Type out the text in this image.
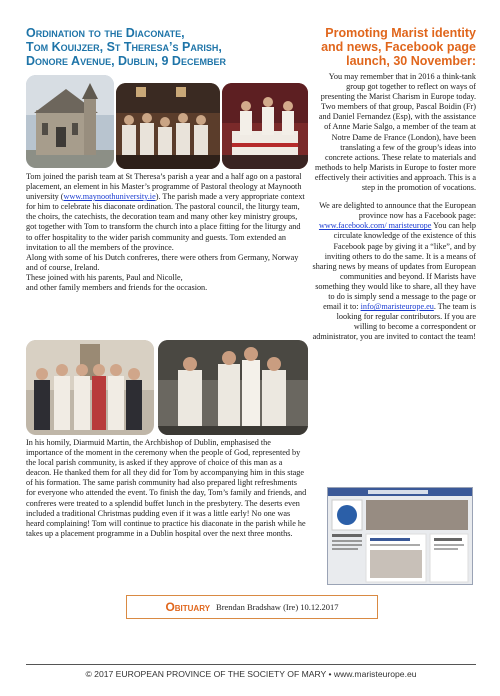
Ordination to the Diaconate,
Tom Kouijzer, St Theresa’s Parish,
Donore Avenue, Dublin, 9 December

Tom joined the parish team at St Theresa’s parish a year and a half ago on a pastoral placement, an element in his Master’s programme of Pastoral theology at Maynooth university (www.maynoothuniversity.ie). The parish made a very appropriate context for him to celebrate his diaconate ordination. The pastoral council, the liturgy team, the choirs, the catechists, the decoration team and many other key ministry groups, got together with Tom to transform the church into a place fitting for the liturgy and to offer hospitality to the wider parish community and guests. Tom extended an invitation to all the members of the province.

Along with some of his Dutch confreres, there were others from Germany, Norway and of course, Ireland.

These joined with his parents, Paul and Nicolle,

and other family members and friends for the occasion.

In his homily, Diarmuid Martin, the Archbishop of Dublin, emphasised the importance of the moment in the ceremony when the people of God, represented by the local parish community, is asked if they approve of choice of this man as a deacon. He thanked them for all they did for Tom by accompanying him in this stage of his formation. The same parish community had also prepared light refreshments for everyone who attended the event. To finish the day, Tom’s family and friends, and confreres were treated to a splendid buffet lunch in the presbytery. The deserts even included a traditional Christmas pudding even if it was a little early! No one was heard complaining! Tom will continue to practice his diaconate in the parish while he takes up a placement programme in a Dublin hospital over the next three months.

Promoting Marist identity
and news, Facebook page
launch, 30 November:

You may remember that in 2016 a think-tank group got together to reflect on ways of presenting the Marist Charism in Europe today. Two members of that group, Pascal Boidin (Fr) and Daniel Fernandez (Esp), with the assistance of Anne Marie Salgo, a member of the team at Notre Dame de France (London), have been translating a few of the group’s ideas into concrete actions. These relate to materials and methods to help Marists in Europe to foster more effectively their activities and approach. This is a step in the promotion of vocations.

We are delighted to announce that the European province now has a Facebook page: www.facebook.com/ maristeurope You can help circulate knowledge of the existence of this Facebook page by giving it a “like”, and by inviting others to do the same. It is a means of sharing news by means of updates from European communities and beyond. If Marists have something they would like to share, all they have to do is simply send a message to the page or email it to: info@maristeurope.eu. The team is looking for regular contributors. If you are willing to become a correspondent or administrator, you are invited to contact the team!

Obituary Brendan Bradshaw (Ire) 10.12.2017
© 2017 EUROPEAN PROVINCE OF THE SOCIETY OF MARY • www.maristeurope.eu
